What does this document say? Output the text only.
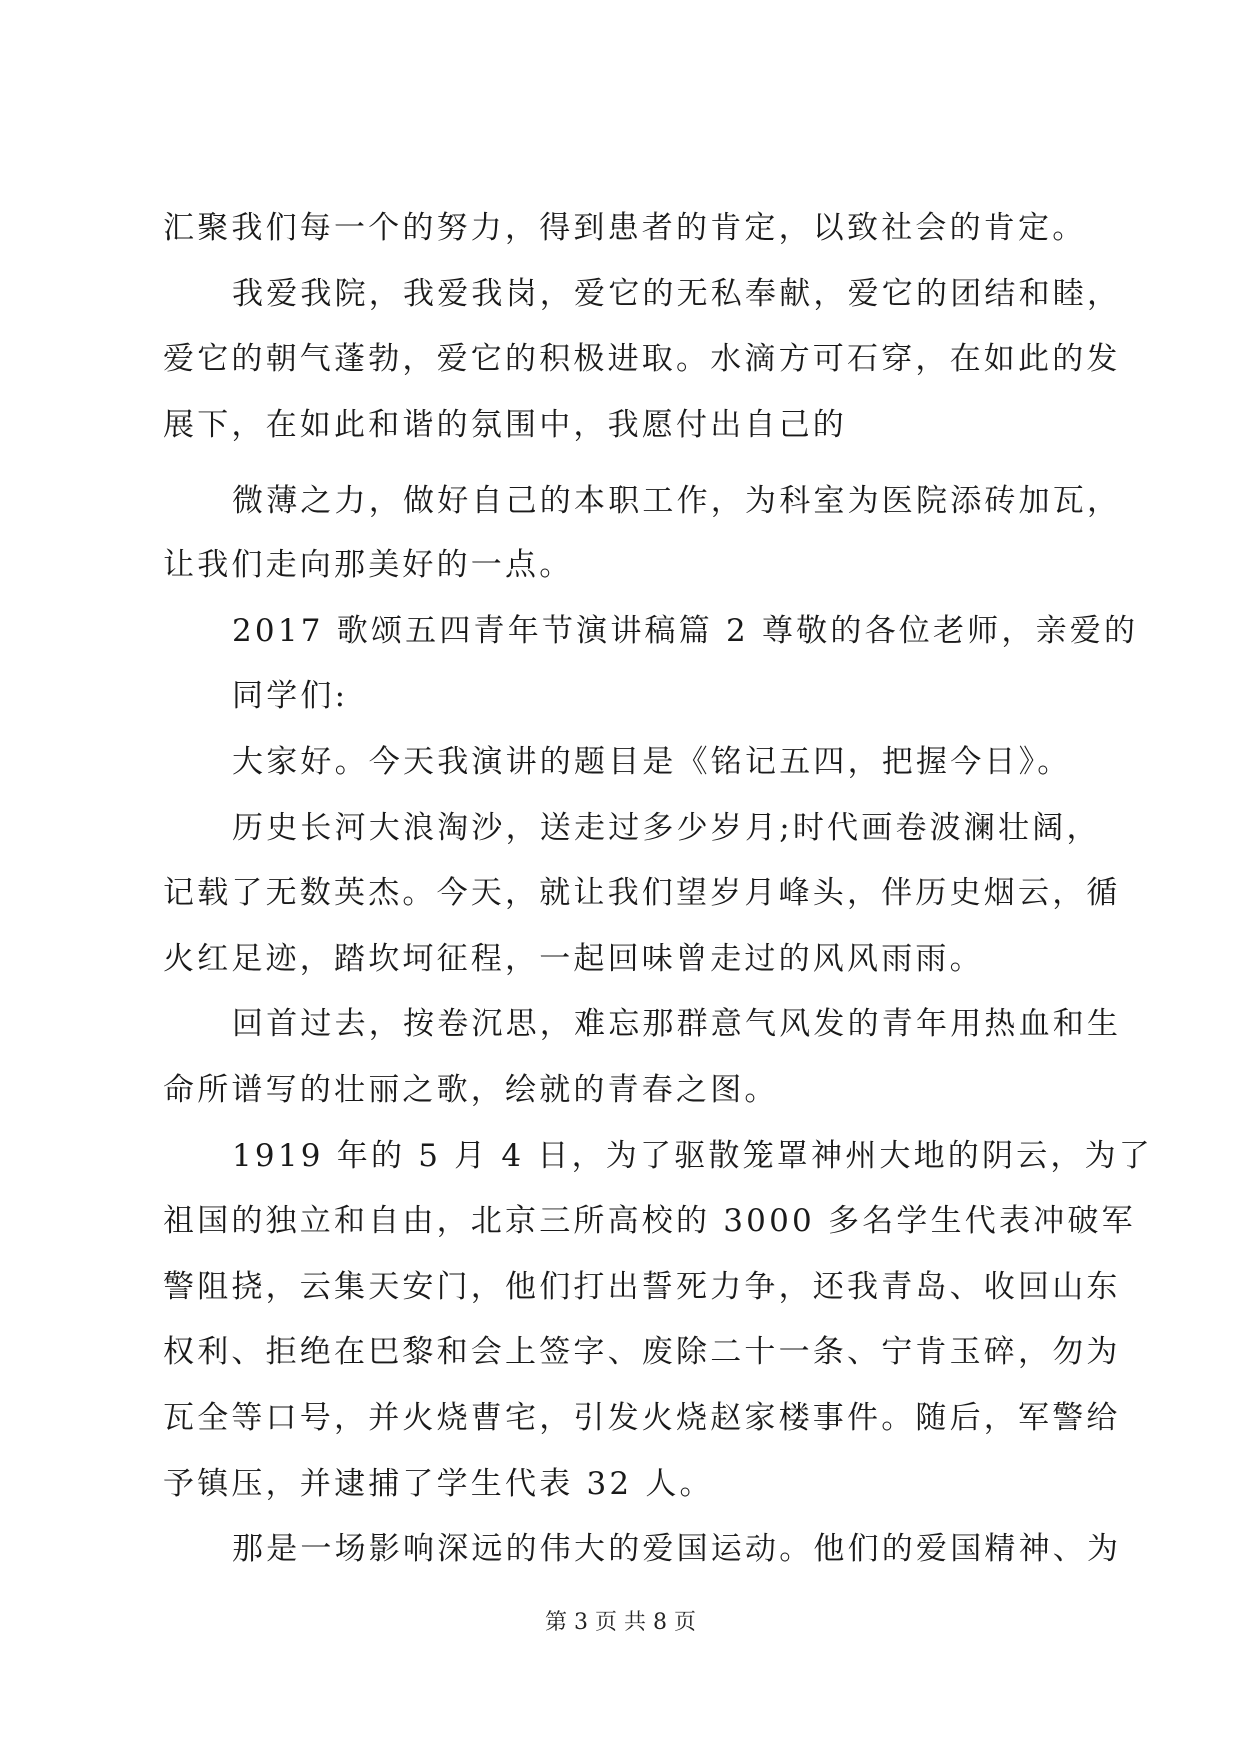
汇聚我们每一个的努力，得到患者的肯定，以致社会的肯定。
我爱我院，我爱我岗，爱它的无私奉献，爱它的团结和睦，
爱它的朝气蓬勃，爱它的积极进取。水滴方可石穿，在如此的发
展下，在如此和谐的氛围中，我愿付出自己的
微薄之力，做好自己的本职工作，为科室为医院添砖加瓦，
让我们走向那美好的一点。
2017 歌颂五四青年节演讲稿篇 2 尊敬的各位老师，亲爱的
同学们:
大家好。今天我演讲的题目是《铭记五四，把握今日》。
历史长河大浪淘沙，送走过多少岁月;时代画卷波澜壮阔，
记载了无数英杰。今天，就让我们望岁月峰头，伴历史烟云，循
火红足迹，踏坎坷征程，一起回味曾走过的风风雨雨。
回首过去，按卷沉思，难忘那群意气风发的青年用热血和生
命所谱写的壮丽之歌，绘就的青春之图。
1919 年的 5 月 4 日，为了驱散笼罩神州大地的阴云，为了
祖国的独立和自由，北京三所高校的 3000 多名学生代表冲破军
警阻挠，云集天安门，他们打出誓死力争，还我青岛、收回山东
权利、拒绝在巴黎和会上签字、废除二十一条、宁肯玉碎，勿为
瓦全等口号，并火烧曹宅，引发火烧赵家楼事件。随后，军警给
予镇压，并逮捕了学生代表 32 人。
那是一场影响深远的伟大的爱国运动。他们的爱国精神、为
第 3 页 共 8 页
